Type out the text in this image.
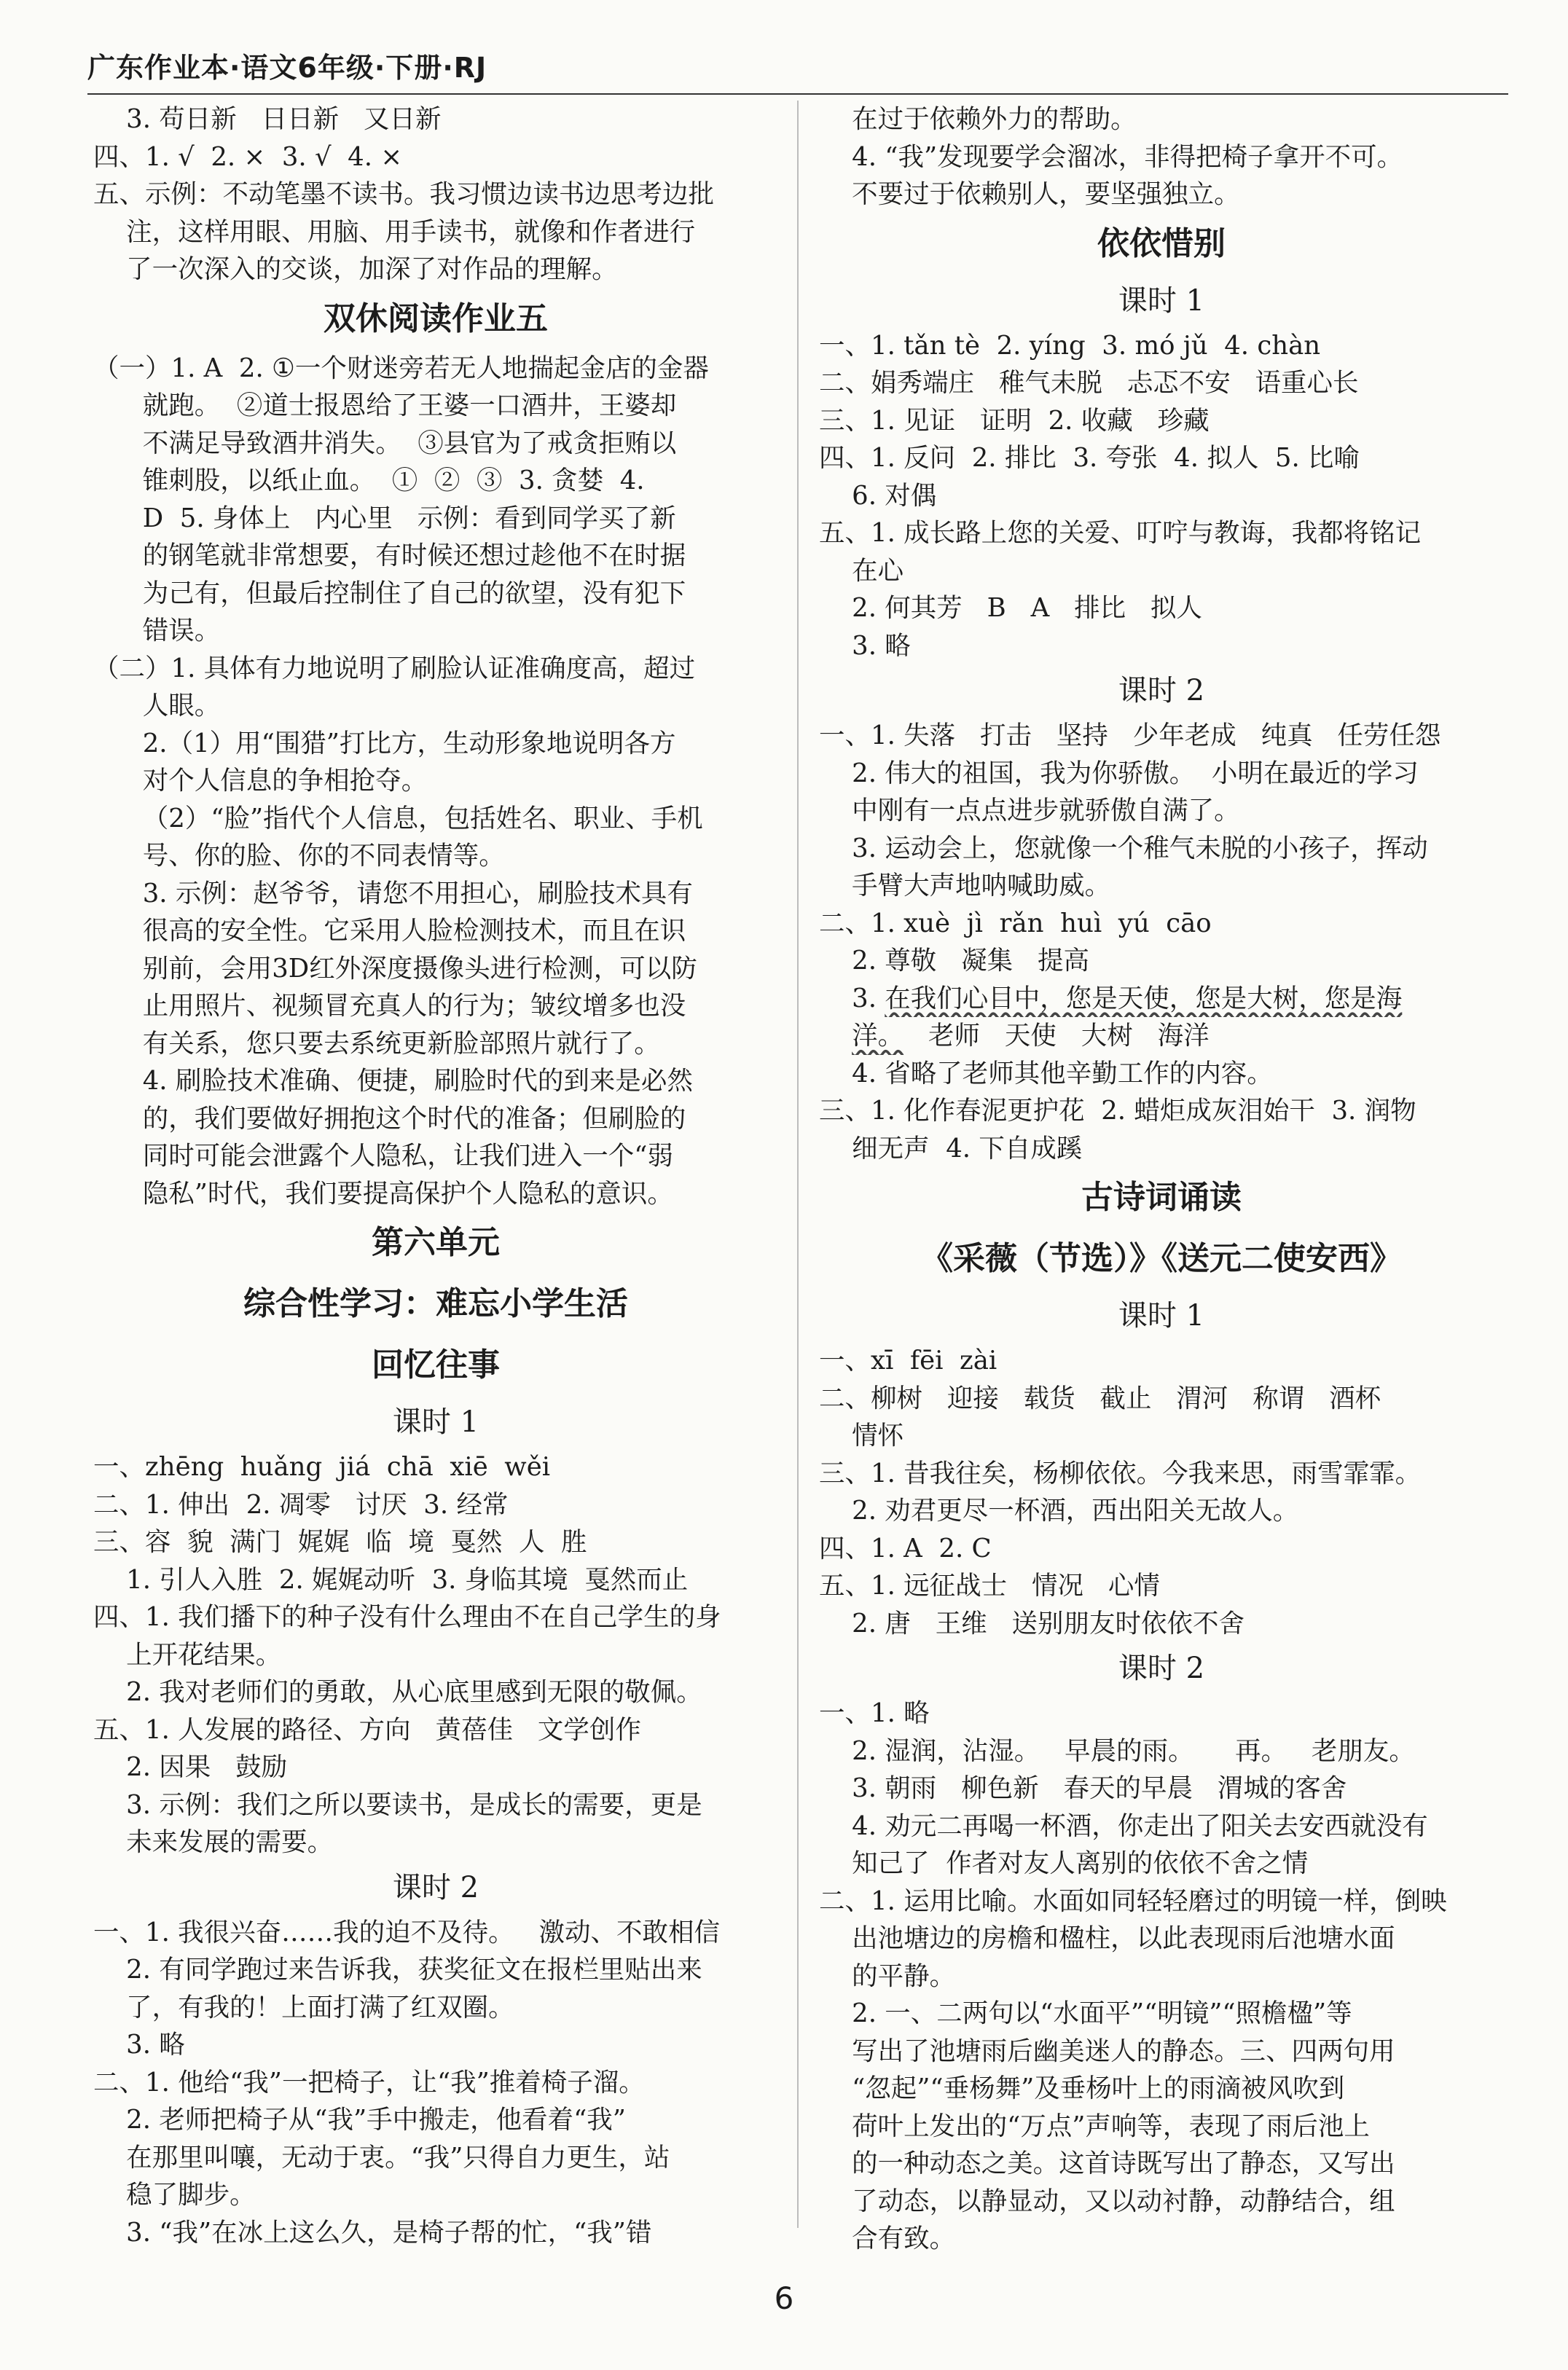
广东作业本·语文6年级·下册·RJ
3. 苟日新   日日新   又日新
四、1. √  2. ×  3. √  4. ×
五、示例：不动笔墨不读书。我习惯边读书边思考边批
注，这样用眼、用脑、用手读书，就像和作者进行
了一次深入的交谈，加深了对作品的理解。
双休阅读作业五
（一）1. A  2. ①一个财迷旁若无人地揣起金店的金器
就跑。  ②道士报恩给了王婆一口酒井，王婆却
不满足导致酒井消失。  ③县官为了戒贪拒贿以
锥刺股，以纸止血。  ①  ②  ③  3. 贪婪  4.
D  5. 身体上   内心里   示例：看到同学买了新
的钢笔就非常想要，有时候还想过趁他不在时据
为己有，但最后控制住了自己的欲望，没有犯下
错误。
（二）1. 具体有力地说明了刷脸认证准确度高，超过
人眼。
2.（1）用“围猎”打比方，生动形象地说明各方
对个人信息的争相抢夺。
（2）“脸”指代个人信息，包括姓名、职业、手机
号、你的脸、你的不同表情等。
3. 示例：赵爷爷，请您不用担心，刷脸技术具有
很高的安全性。它采用人脸检测技术，而且在识
别前，会用3D红外深度摄像头进行检测，可以防
止用照片、视频冒充真人的行为；皱纹增多也没
有关系，您只要去系统更新脸部照片就行了。
4. 刷脸技术准确、便捷，刷脸时代的到来是必然
的，我们要做好拥抱这个时代的准备；但刷脸的
同时可能会泄露个人隐私，让我们进入一个“弱
隐私”时代，我们要提高保护个人隐私的意识。
第六单元
综合性学习：难忘小学生活
回忆往事
课时 1
一、zhēng  huǎng  jiá  chā  xiē  wěi
二、1. 伸出  2. 凋零   讨厌  3. 经常
三、容  貌  满门  娓娓  临  境  戛然  人  胜
1. 引人入胜  2. 娓娓动听  3. 身临其境  戛然而止
四、1. 我们播下的种子没有什么理由不在自己学生的身
上开花结果。
2. 我对老师们的勇敢，从心底里感到无限的敬佩。
五、1. 人发展的路径、方向   黄蓓佳   文学创作
2. 因果   鼓励
3. 示例：我们之所以要读书，是成长的需要，更是
未来发展的需要。
课时 2
一、1. 我很兴奋……我的迫不及待。   激动、不敢相信
2. 有同学跑过来告诉我，获奖征文在报栏里贴出来
了，有我的！上面打满了红双圈。
3. 略
二、1. 他给“我”一把椅子，让“我”推着椅子溜。
2. 老师把椅子从“我”手中搬走，他看着“我”
在那里叫嚷，无动于衷。“我”只得自力更生，站
稳了脚步。
3. “我”在冰上这么久，是椅子帮的忙，“我”错
在过于依赖外力的帮助。
4. “我”发现要学会溜冰，非得把椅子拿开不可。
不要过于依赖别人，要坚强独立。
依依惜别
课时 1
一、1. tǎn tè  2. yíng  3. mó jǔ  4. chàn
二、娟秀端庄   稚气未脱   忐忑不安   语重心长
三、1. 见证   证明  2. 收藏   珍藏
四、1. 反问  2. 排比  3. 夸张  4. 拟人  5. 比喻
6. 对偶
五、1. 成长路上您的关爱、叮咛与教诲，我都将铭记
在心
2. 何其芳   B   A   排比   拟人
3. 略
课时 2
一、1. 失落   打击   坚持   少年老成   纯真   任劳任怨
2. 伟大的祖国，我为你骄傲。  小明在最近的学习
中刚有一点点进步就骄傲自满了。
3. 运动会上，您就像一个稚气未脱的小孩子，挥动
手臂大声地呐喊助威。
二、1. xuè  jì  rǎn  huì  yú  cāo
2. 尊敬   凝集   提高
3. 在我们心目中，您是天使，您是大树，您是海
洋。   老师   天使   大树   海洋
4. 省略了老师其他辛勤工作的内容。
三、1. 化作春泥更护花  2. 蜡炬成灰泪始干  3. 润物
细无声  4. 下自成蹊
古诗词诵读
《采薇（节选）》《送元二使安西》
课时 1
一、xī  fēi  zài
二、柳树   迎接   载货   截止   渭河   称谓   酒杯
情怀
三、1. 昔我往矣，杨柳依依。今我来思，雨雪霏霏。
2. 劝君更尽一杯酒，西出阳关无故人。
四、1. A  2. C
五、1. 远征战士   情况   心情
2. 唐   王维   送别朋友时依依不舍
课时 2
一、1. 略
2. 湿润，沾湿。   早晨的雨。     再。   老朋友。
3. 朝雨   柳色新   春天的早晨   渭城的客舍
4. 劝元二再喝一杯酒，你走出了阳关去安西就没有
知己了  作者对友人离别的依依不舍之情
二、1. 运用比喻。水面如同轻轻磨过的明镜一样，倒映
出池塘边的房檐和楹柱，以此表现雨后池塘水面
的平静。
2. 一、二两句以“水面平”“明镜”“照檐楹”等
写出了池塘雨后幽美迷人的静态。三、四两句用
“忽起”“垂杨舞”及垂杨叶上的雨滴被风吹到
荷叶上发出的“万点”声响等，表现了雨后池上
的一种动态之美。这首诗既写出了静态，又写出
了动态，以静显动，又以动衬静，动静结合，组
合有致。
6
